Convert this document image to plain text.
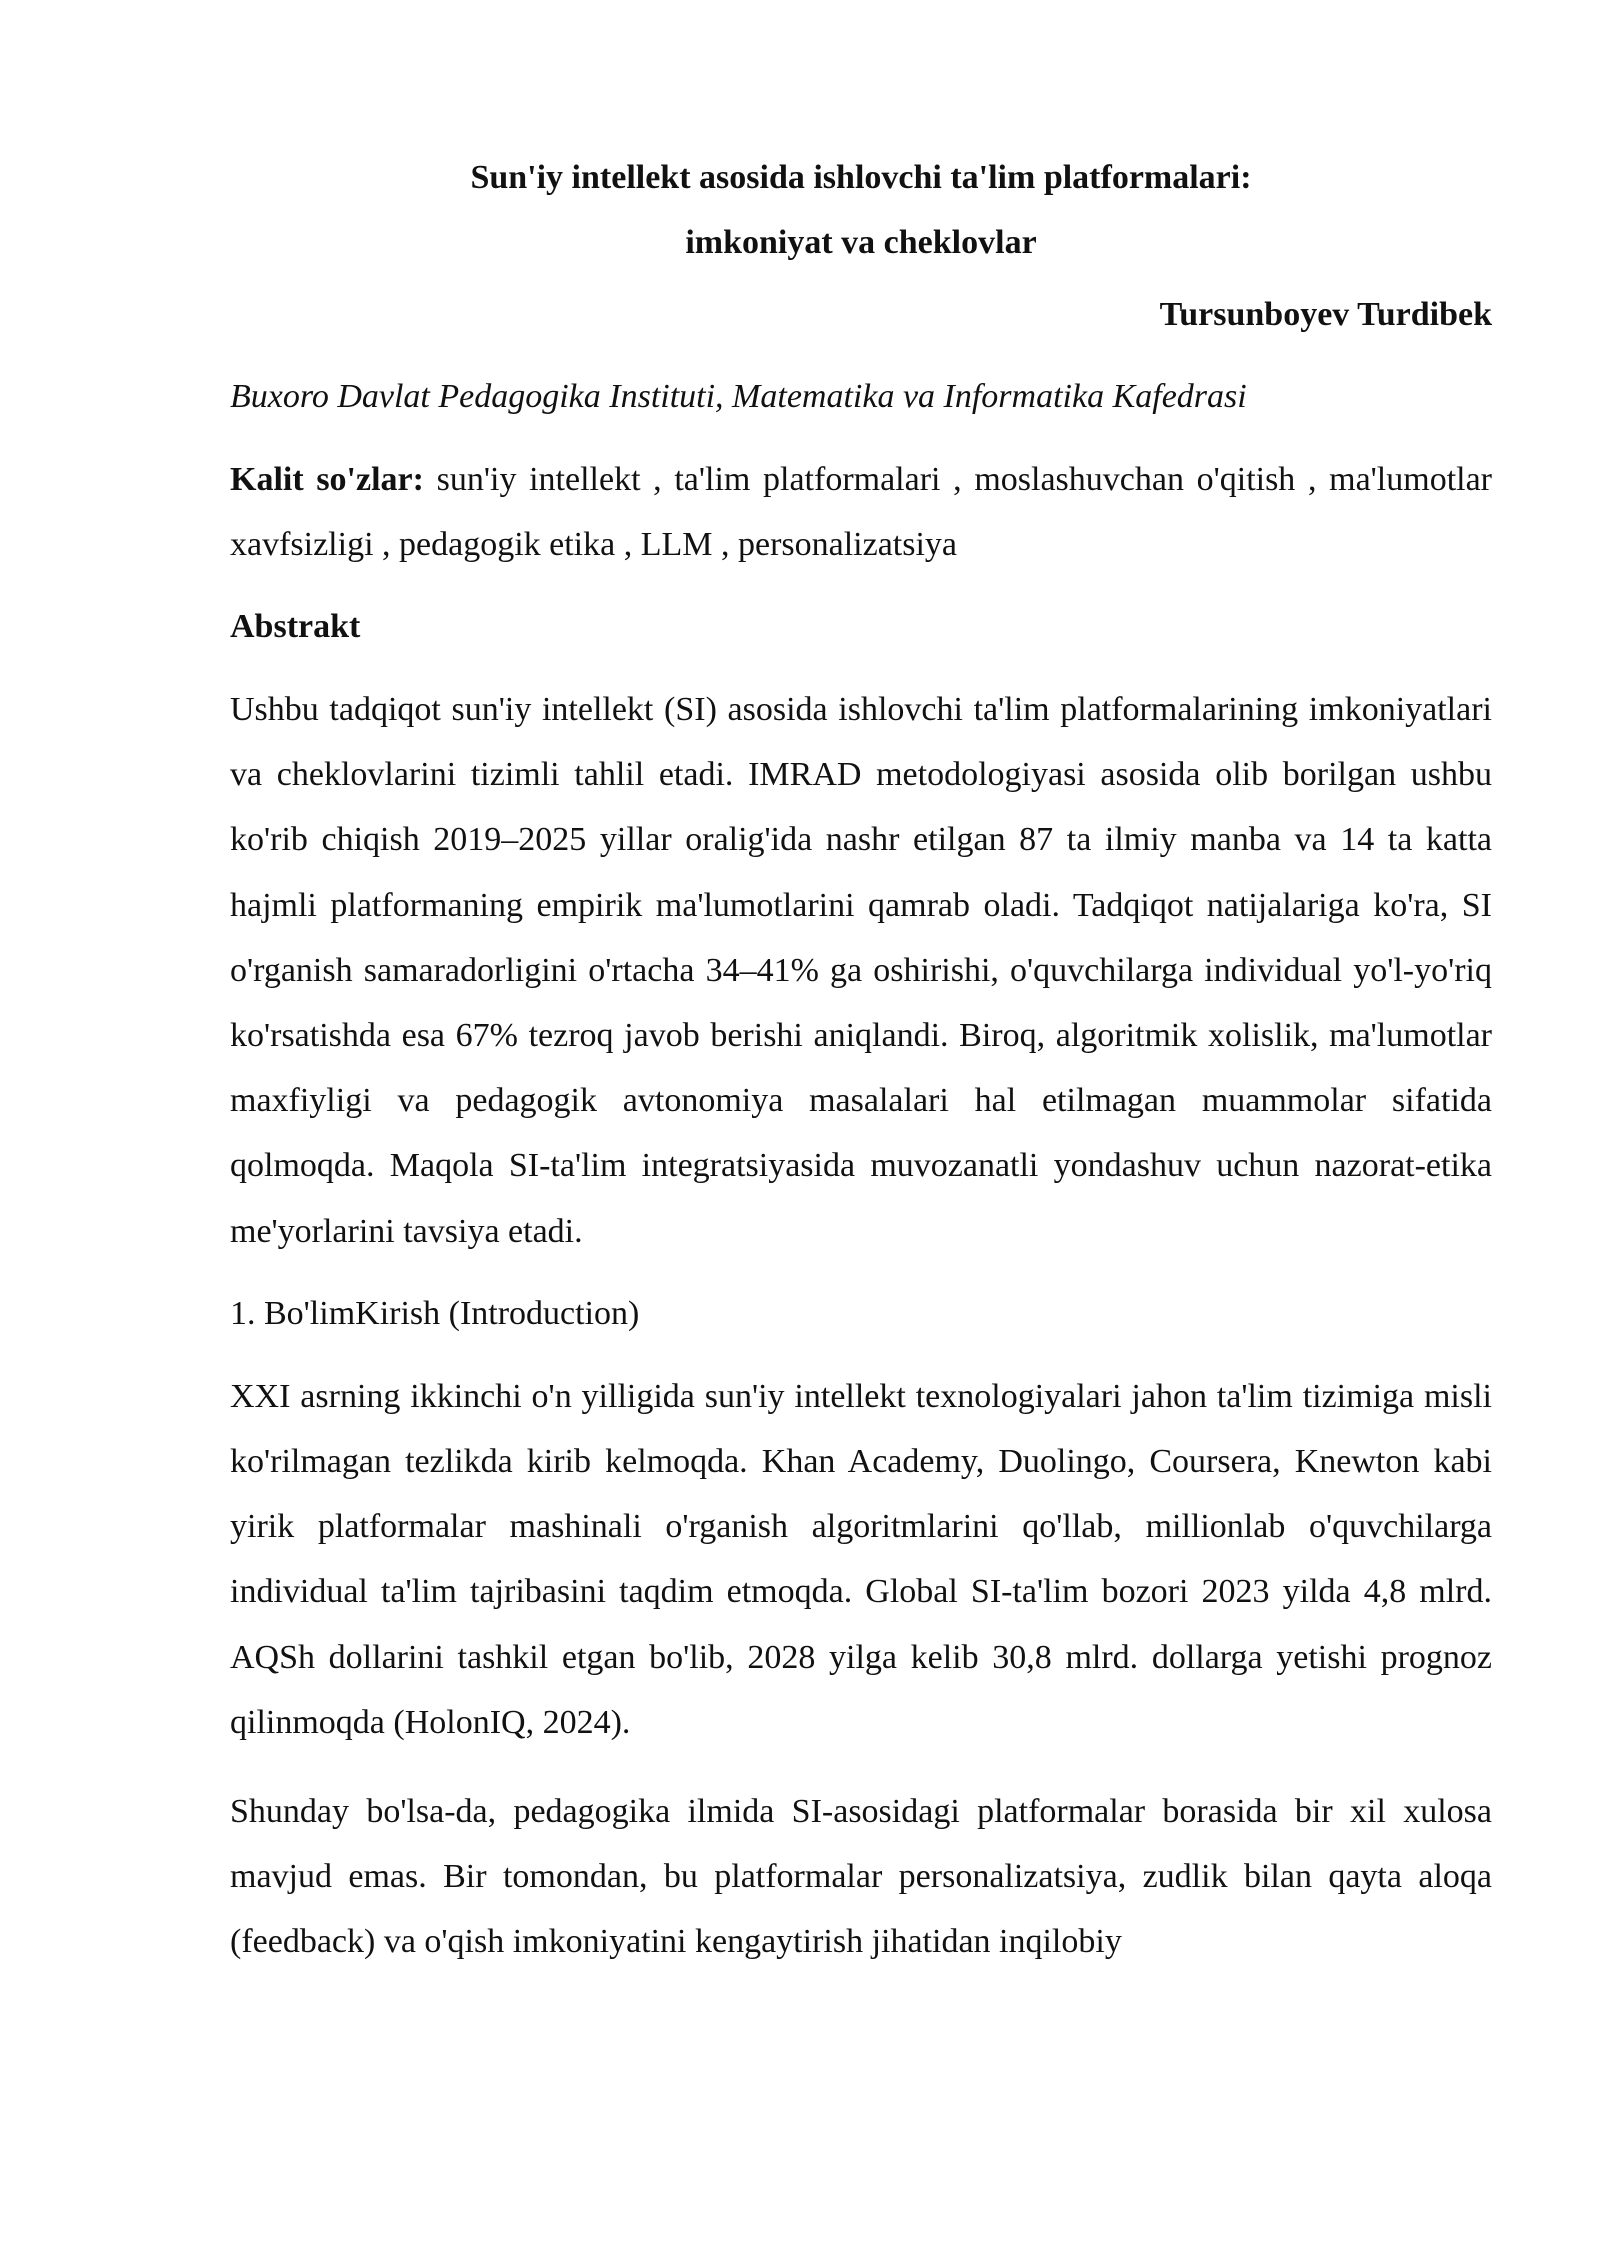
Sun'iy intellekt asosida ishlovchi ta'lim platformalari:
imkoniyat va cheklovlar
Tursunboyev Turdibek
Buxoro Davlat Pedagogika Instituti, Matematika va Informatika Kafedrasi
Kalit so'zlar: sun'iy intellekt , ta'lim platformalari , moslashuvchan o'qitish , ma'lumotlar xavfsizligi , pedagogik etika , LLM , personalizatsiya
Abstrakt

Ushbu tadqiqot sun'iy intellekt (SI) asosida ishlovchi ta'lim platformalarining imkoniyatlari va cheklovlarini tizimli tahlil etadi. IMRAD metodologiyasi asosida olib borilgan ushbu ko'rib chiqish 2019–2025 yillar oralig'ida nashr etilgan 87 ta ilmiy manba va 14 ta katta hajmli platformaning empirik ma'lumotlarini qamrab oladi. Tadqiqot natijalariga ko'ra, SI o'rganish samaradorligini o'rtacha 34–41% ga oshirishi, o'quvchilarga individual yo'l-yo'riq ko'rsatishda esa 67% tezroq javob berishi aniqlandi. Biroq, algoritmik xolislik, ma'lumotlar maxfiyligi va pedagogik avtonomiya masalalari hal etilmagan muammolar sifatida qolmoqda. Maqola SI-ta'lim integratsiyasida muvozanatli yondashuv uchun nazorat-etika me'yorlarini tavsiya etadi.

1. Bo'limKirish (Introduction)

XXI asrning ikkinchi o'n yilligida sun'iy intellekt texnologiyalari jahon ta'lim tizimiga misli ko'rilmagan tezlikda kirib kelmoqda. Khan Academy, Duolingo, Coursera, Knewton kabi yirik platformalar mashinali o'rganish algoritmlarini qo'llab, millionlab o'quvchilarga individual ta'lim tajribasini taqdim etmoqda. Global SI-ta'lim bozori 2023 yilda 4,8 mlrd. AQSh dollarini tashkil etgan bo'lib, 2028 yilga kelib 30,8 mlrd. dollarga yetishi prognoz qilinmoqda (HolonIQ, 2024).

Shunday bo'lsa-da, pedagogika ilmida SI-asosidagi platformalar borasida bir xil xulosa mavjud emas. Bir tomondan, bu platformalar personalizatsiya, zudlik bilan qayta aloqa (feedback) va o'qish imkoniyatini kengaytirish jihatidan inqilobiy
